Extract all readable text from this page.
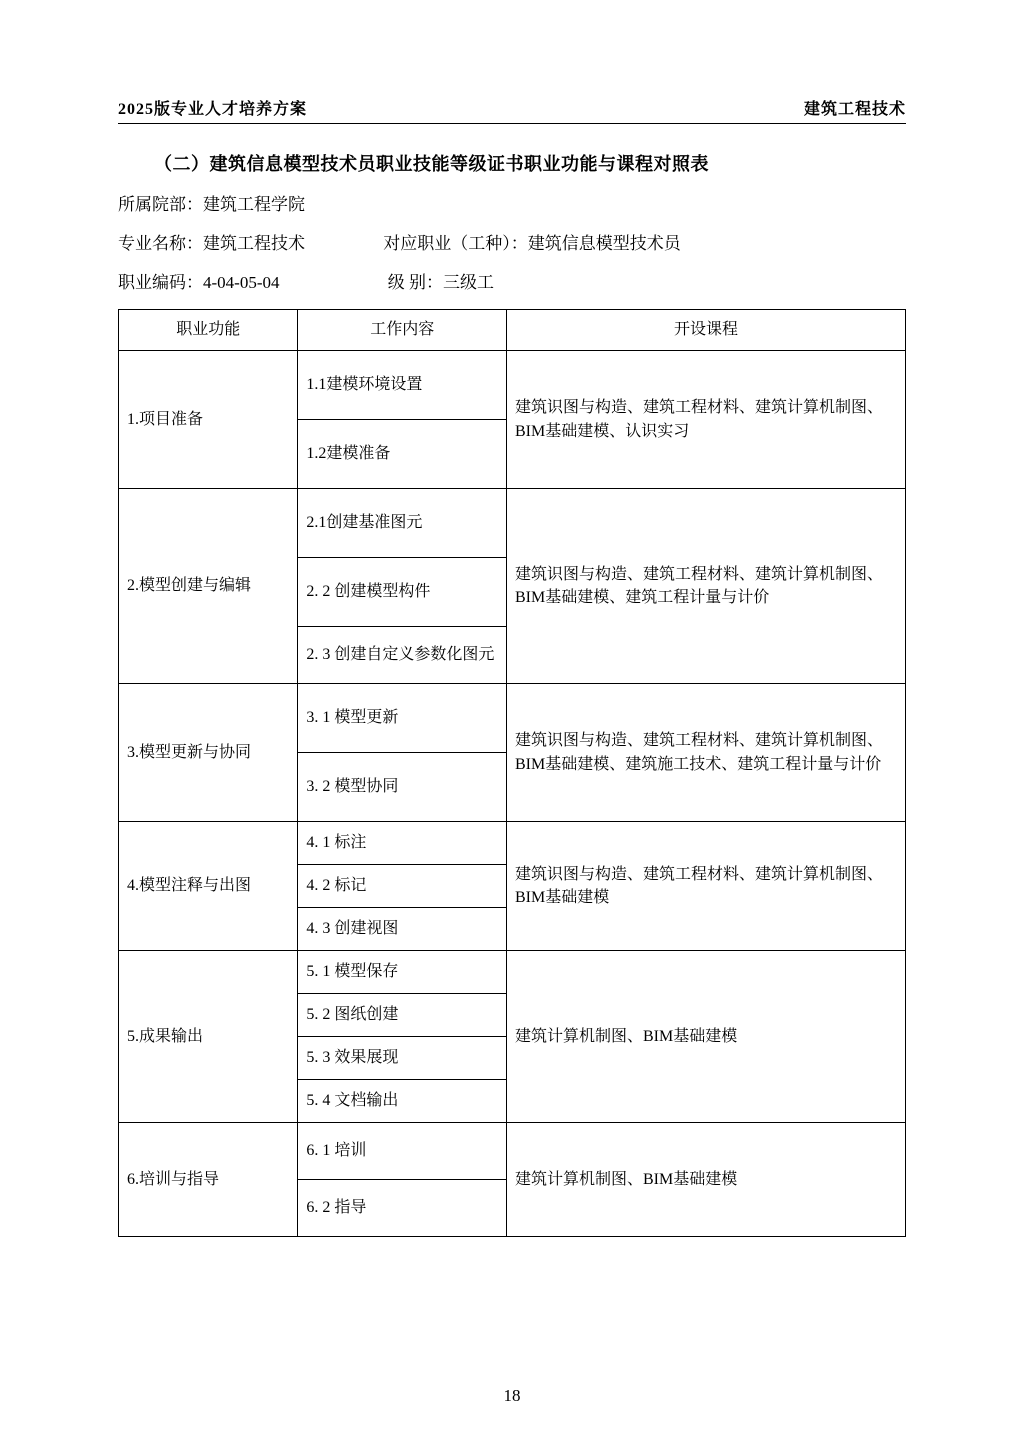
2025版专业人才培养方案	建筑工程技术
（二）建筑信息模型技术员职业技能等级证书职业功能与课程对照表
所属院部：建筑工程学院
专业名称：建筑工程技术	对应职业（工种）：建筑信息模型技术员
职业编码：4-04-05-04	级 别：三级工
职业功能	工作内容	开设课程
1.项目准备	1.1建模环境设置	建筑识图与构造、建筑工程材料、建筑计算机制图、BIM基础建模、认识实习
	1.2建模准备	
2.模型创建与编辑	2.1创建基准图元	建筑识图与构造、建筑工程材料、建筑计算机制图、BIM基础建模、建筑工程计量与计价
	2. 2 创建模型构件	
	2. 3 创建自定义参数化图元	
3.模型更新与协同	3. 1 模型更新	建筑识图与构造、建筑工程材料、建筑计算机制图、BIM基础建模、建筑施工技术、建筑工程计量与计价
	3. 2 模型协同	
4.模型注释与出图	4. 1 标注	建筑识图与构造、建筑工程材料、建筑计算机制图、BIM基础建模
	4. 2 标记	
	4. 3 创建视图	
5.成果输出	5. 1 模型保存	建筑计算机制图、BIM基础建模
	5. 2 图纸创建	
	5. 3 效果展现	
	5. 4 文档输出	
6.培训与指导	6. 1 培训	建筑计算机制图、BIM基础建模
	6. 2 指导	
18
